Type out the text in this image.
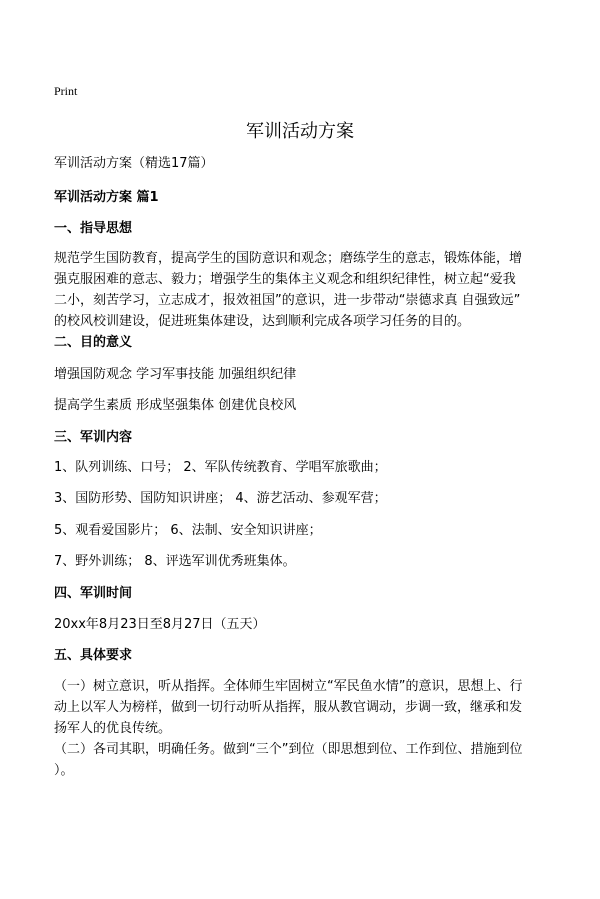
Print
军训活动方案
军训活动方案（精选17篇）
军训活动方案 篇1
一、指导思想
规范学生国防教育，提高学生的国防意识和观念；磨练学生的意志，锻炼体能，增
强克服困难的意志、毅力；增强学生的集体主义观念和组织纪律性，树立起“爱我
二小，刻苦学习，立志成才，报效祖国”的意识，进一步带动“崇德求真 自强致远”
的校风校训建设，促进班集体建设，达到顺利完成各项学习任务的目的。
二、目的意义
增强国防观念 学习军事技能 加强组织纪律
提高学生素质 形成坚强集体 创建优良校风
三、军训内容
1、队列训练、口号； 2、军队传统教育、学唱军旅歌曲；
3、国防形势、国防知识讲座； 4、游艺活动、参观军营；
5、观看爱国影片； 6、法制、安全知识讲座；
7、野外训练； 8、评选军训优秀班集体。
四、军训时间
20xx年8月23日至8月27日（五天）
五、具体要求
（一）树立意识，听从指挥。全体师生牢固树立“军民鱼水情”的意识，思想上、行
动上以军人为榜样，做到一切行动听从指挥，服从教官调动，步调一致，继承和发
扬军人的优良传统。
（二）各司其职，明确任务。做到“三个”到位（即思想到位、工作到位、措施到位
）。
